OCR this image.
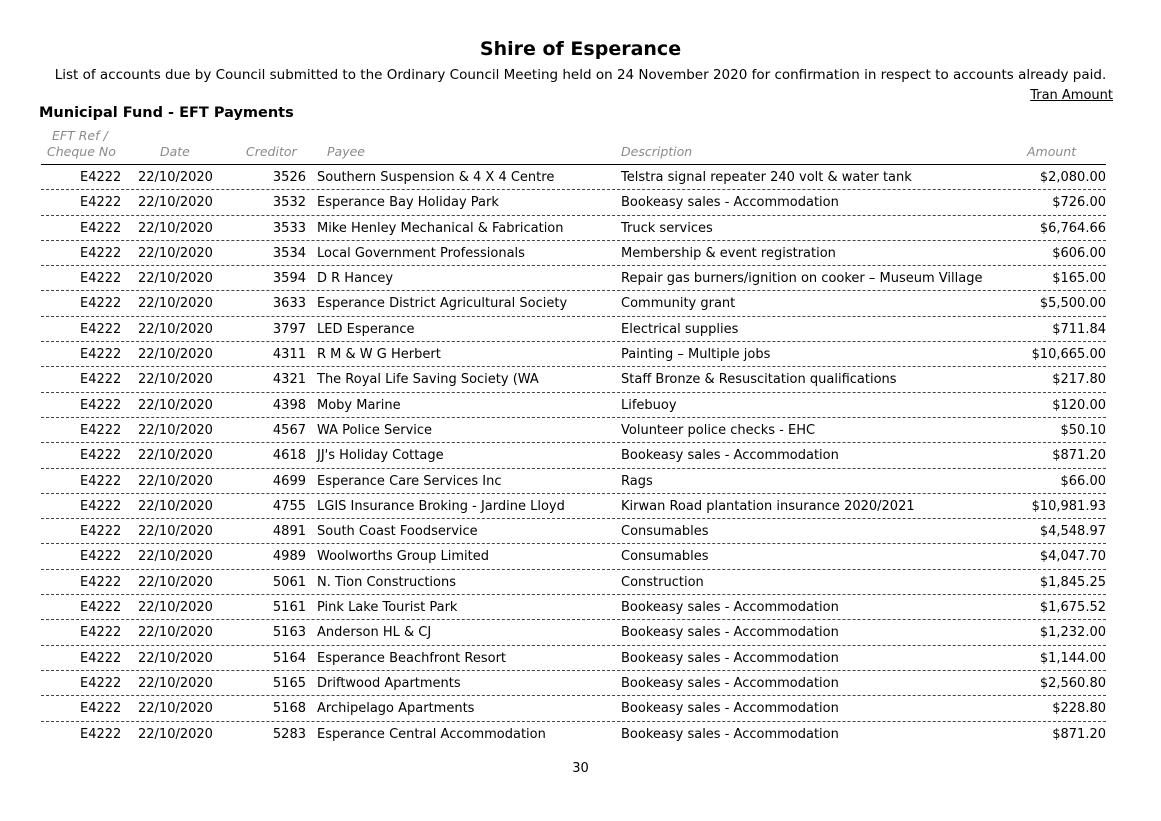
Shire of Esperance
List of accounts due by Council submitted to the Ordinary Council Meeting held on 24 November 2020 for confirmation in respect to accounts already paid.
Tran Amount
Municipal Fund - EFT Payments
EFT Ref /
Cheque No	Date	Creditor Payee	Description	Amount
E4222 22/10/2020	3526 Southern Suspension & 4 X 4 Centre	Telstra signal repeater 240 volt & water tank	$2,080.00
E4222 22/10/2020	3532 Esperance Bay Holiday Park	Bookeasy sales - Accommodation	$726.00
E4222 22/10/2020	3533 Mike Henley Mechanical & Fabrication	Truck services	$6,764.66
E4222 22/10/2020	3534 Local Government Professionals	Membership & event registration	$606.00
E4222 22/10/2020	3594 D R Hancey	Repair gas burners/ignition on cooker – Museum Village	$165.00
E4222 22/10/2020	3633 Esperance District Agricultural Society	Community grant	$5,500.00
E4222 22/10/2020	3797 LED Esperance	Electrical supplies	$711.84
E4222 22/10/2020	4311 R M & W G Herbert	Painting – Multiple jobs	$10,665.00
E4222 22/10/2020	4321 The Royal Life Saving Society (WA	Staff Bronze & Resuscitation qualifications	$217.80
E4222 22/10/2020	4398 Moby Marine	Lifebuoy	$120.00
E4222 22/10/2020	4567 WA Police Service	Volunteer police checks - EHC	$50.10
E4222 22/10/2020	4618 JJ's Holiday Cottage	Bookeasy sales - Accommodation	$871.20
E4222 22/10/2020	4699 Esperance Care Services Inc	Rags	$66.00
E4222 22/10/2020	4755 LGIS Insurance Broking - Jardine Lloyd	Kirwan Road plantation insurance 2020/2021	$10,981.93
E4222 22/10/2020	4891 South Coast Foodservice	Consumables	$4,548.97
E4222 22/10/2020	4989 Woolworths Group Limited	Consumables	$4,047.70
E4222 22/10/2020	5061 N. Tion Constructions	Construction	$1,845.25
E4222 22/10/2020	5161 Pink Lake Tourist Park	Bookeasy sales - Accommodation	$1,675.52
E4222 22/10/2020	5163 Anderson HL & CJ	Bookeasy sales - Accommodation	$1,232.00
E4222 22/10/2020	5164 Esperance Beachfront Resort	Bookeasy sales - Accommodation	$1,144.00
E4222 22/10/2020	5165 Driftwood Apartments	Bookeasy sales - Accommodation	$2,560.80
E4222 22/10/2020	5168 Archipelago Apartments	Bookeasy sales - Accommodation	$228.80
E4222 22/10/2020	5283 Esperance Central Accommodation	Bookeasy sales - Accommodation	$871.20
30
